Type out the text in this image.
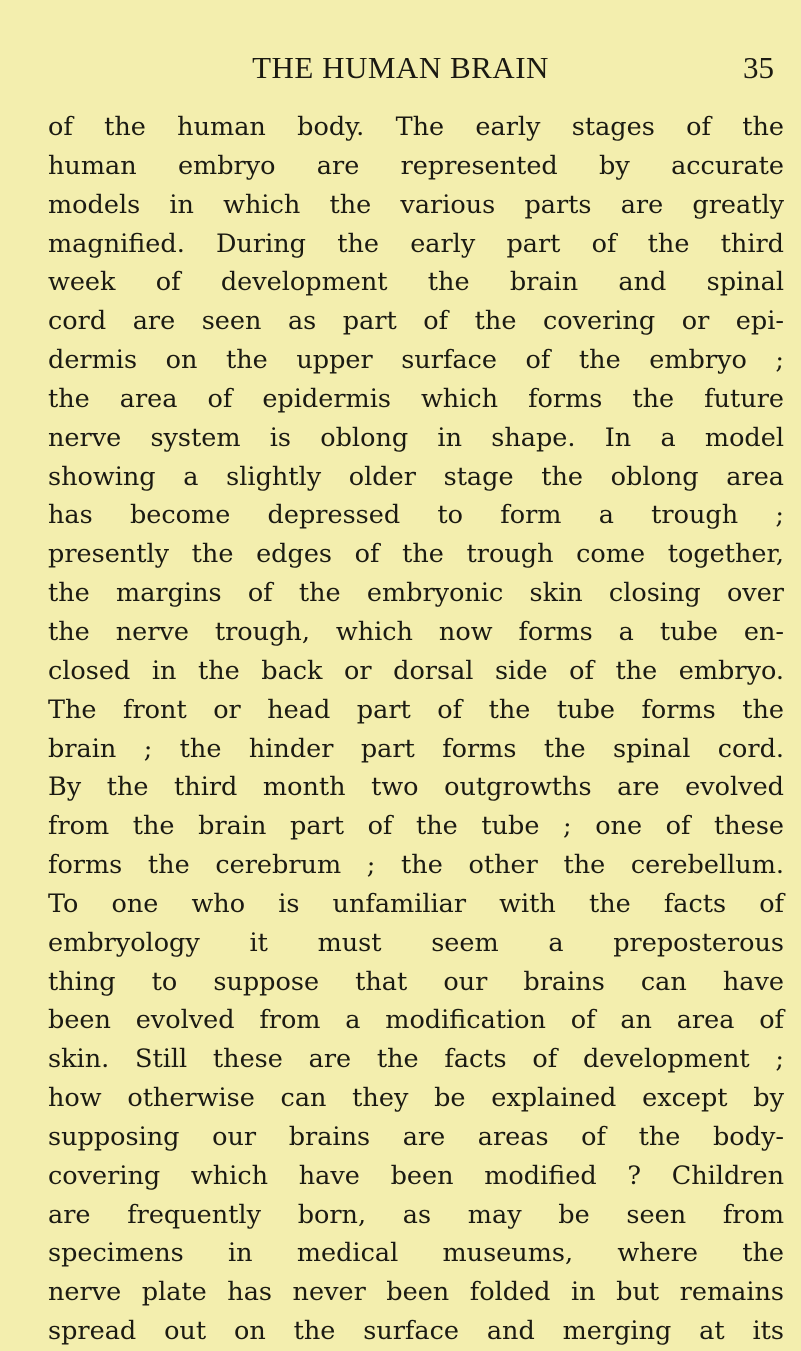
THE HUMAN BRAIN	35
of the human body. The early stages of the
human embryo are represented by accurate
models in which the various parts are greatly
magnified. During the early part of the third
week of development the brain and spinal
cord are seen as part of the covering or epi-
dermis on the upper surface of the embryo ;
the area of epidermis which forms the future
nerve system is oblong in shape. In a model
showing a slightly older stage the oblong area
has become depressed to form a trough ;
presently the edges of the trough come together,
the margins of the embryonic skin closing over
the nerve trough, which now forms a tube en-
closed in the back or dorsal side of the embryo.
The front or head part of the tube forms the
brain ; the hinder part forms the spinal cord.
By the third month two outgrowths are evolved
from the brain part of the tube ; one of these
forms the cerebrum ; the other the cerebellum.
To one who is unfamiliar with the facts of
embryology it must seem a preposterous
thing to suppose that our brains can have
been evolved from a modification of an area of
skin. Still these are the facts of development ;
how otherwise can they be explained except by
supposing our brains are areas of the body-
covering which have been modified ? Children
are frequently born, as may be seen from
specimens in medical museums, where the
nerve plate has never been folded in but remains
spread out on the surface and merging at its
